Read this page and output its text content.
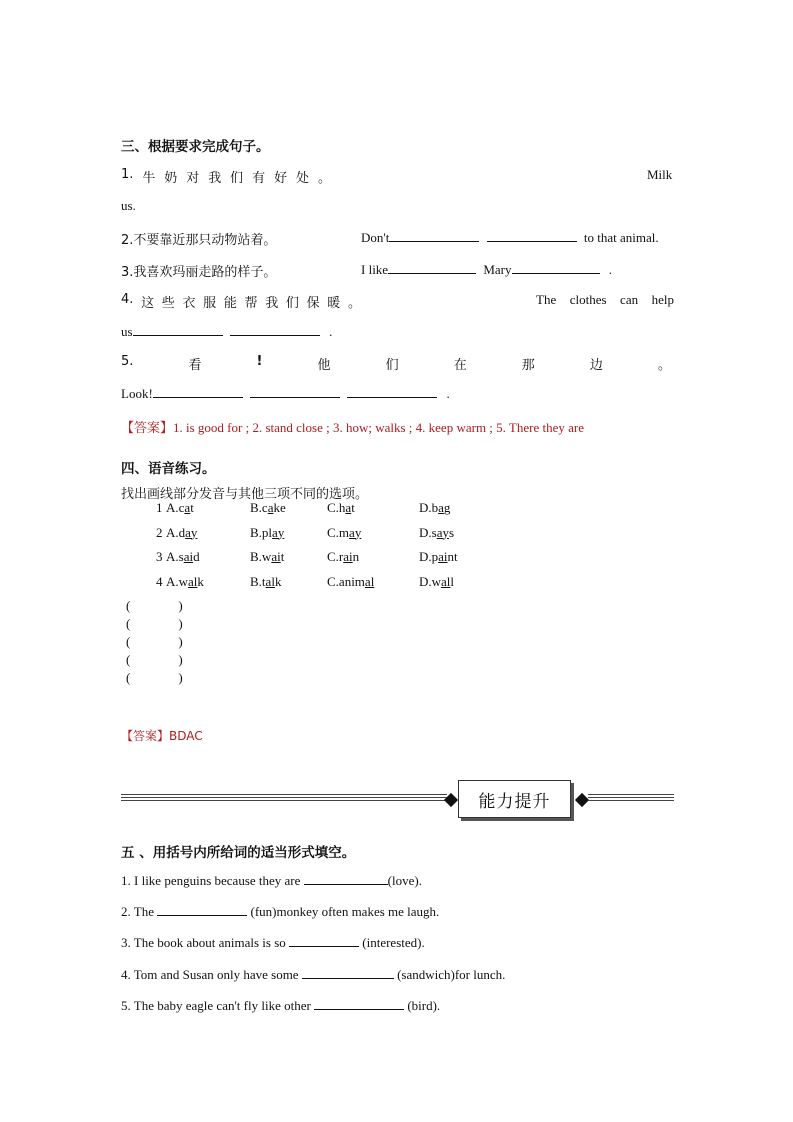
三、根据要求完成句子。
1. 牛 奶 对 我 们 有 好 处 。	Milk
us.
2.不要靠近那只动物站着。	Don't	to that animal.
3.我喜欢玛丽走路的样子。	I like	Mary	.
4. 这 些 衣 服 能 帮 我 们 保 暖 。	The clothes can help
us	.
5.	看	!	他	们	在	那	边	。
Look!	.
【答案】1. is good for ; 2. stand close ; 3. how; walks ; 4. keep warm ; 5. There they are
四、语音练习。
找出画线部分发音与其他三项不同的选项。
1 A.cat	B.cake	C.hat	D.bag
2 A.day	B.play	C.may	D.says
3 A.said	B.wait	C.rain	D.paint
4 A.walk	B.talk	C.animal	D.wall
(	)
(	)
(	)
(	)
(	)
【答案】BDAC
能力提升
五 、用括号内所给词的适当形式填空。
1. I like penguins because they are	(love).
2. The	(fun)monkey often makes me laugh.
3. The book about animals is so	(interested).
4. Tom and Susan only have some	(sandwich)for lunch.
5. The baby eagle can't fly like other	(bird).
